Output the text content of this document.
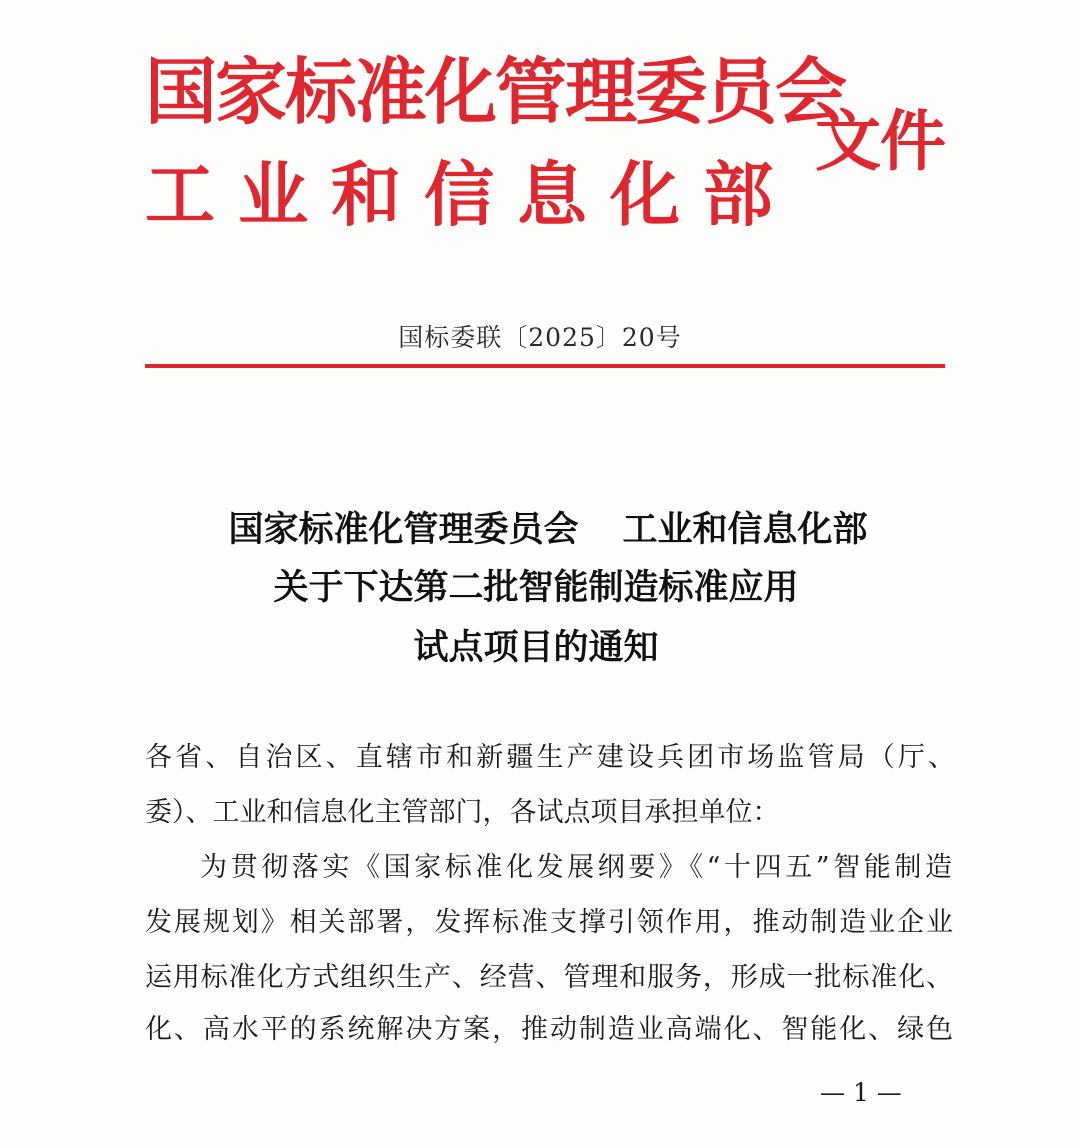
国家标准化管理委员会
工业和信息化部
文件
国标委联〔2025〕20号
国家标准化管理委员会 工业和信息化部
关于下达第二批智能制造标准应用
试点项目的通知
各省、自治区、直辖市和新疆生产建设兵团市场监管局（厅、
委）、工业和信息化主管部门，各试点项目承担单位：
为贯彻落实《国家标准化发展纲要》《“十四五”智能制造
发展规划》相关部署，发挥标准支撑引领作用，推动制造业企业
运用标准化方式组织生产、经营、管理和服务，形成一批标准化、
化、高水平的系统解决方案，推动制造业高端化、智能化、绿色
— 1 —
